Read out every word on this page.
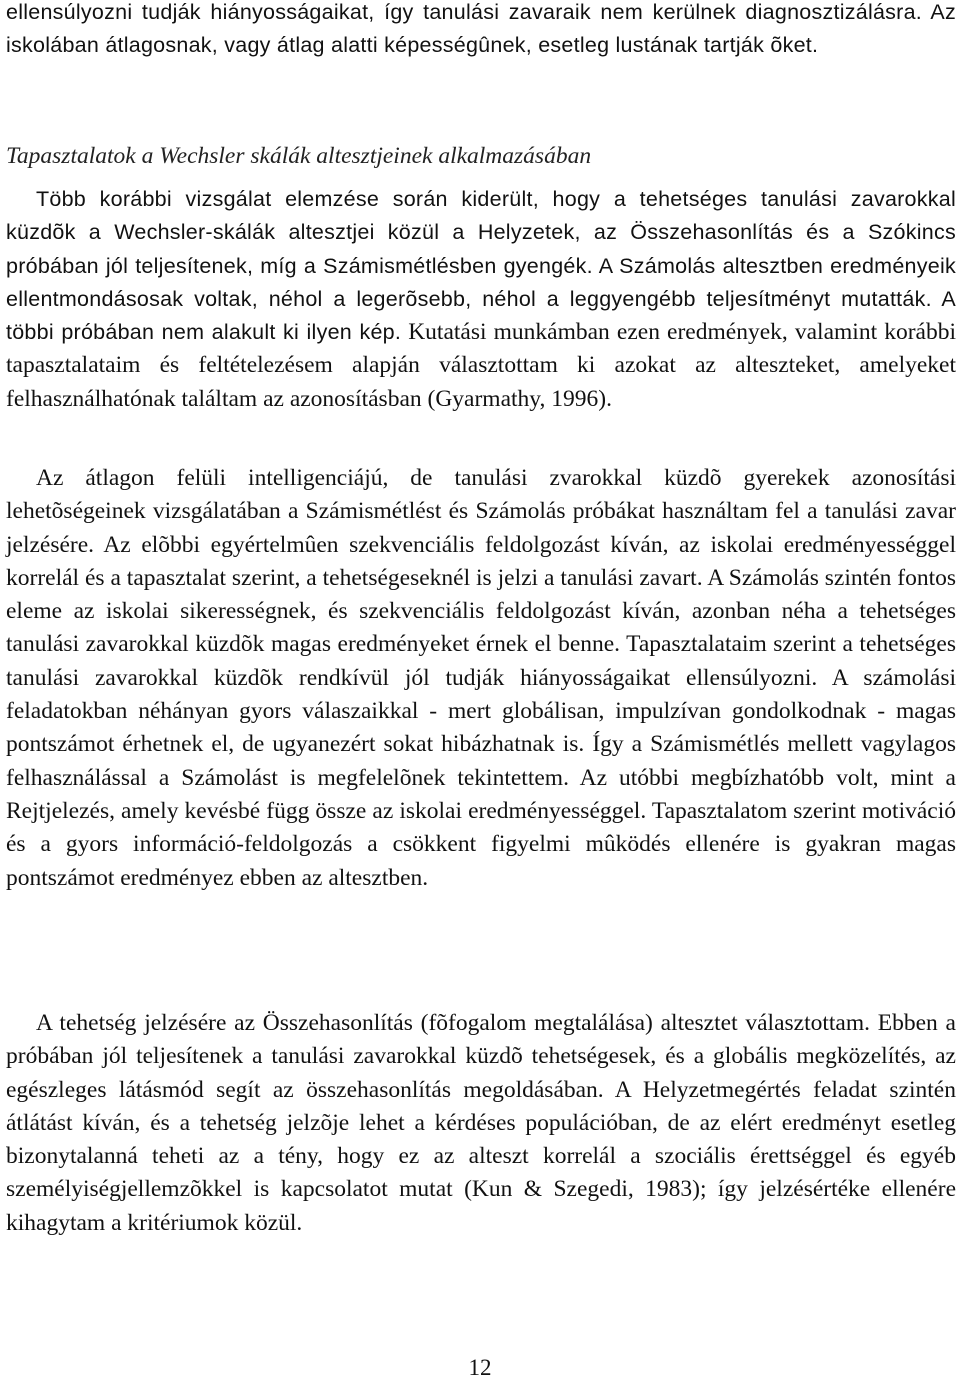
ellensúlyozni tudják hiányosságaikat, így tanulási zavaraik nem kerülnek diagnosztizálásra. Az iskolában átlagosnak, vagy átlag alatti képességûnek, esetleg lustának tartják õket.

Tapasztalatok a Wechsler skálák altesztjeinek alkalmazásában

Több korábbi vizsgálat elemzése során kiderült, hogy a tehetséges tanulási zavarokkal küzdõk a Wechsler-skálák altesztjei közül a Helyzetek, az Összehasonlítás és a Szókincs próbában jól teljesítenek, míg a Számismétlésben gyengék. A Számolás altesztben eredményeik ellentmondásosak voltak, néhol a legerõsebb, néhol a leggyengébb teljesítményt mutatták. A többi próbában nem alakult ki ilyen kép. Kutatási munkámban ezen eredmények, valamint korábbi tapasztalataim és feltételezésem alapján választottam ki azokat az alteszteket, amelyeket felhasználhatónak találtam az azonosításban (Gyarmathy, 1996).

Az átlagon felüli intelligenciájú, de tanulási zvarokkal küzdõ gyerekek azonosítási lehetõségeinek vizsgálatában a Számismétlést és Számolás próbákat használtam fel a tanulási zavar jelzésére. Az elõbbi egyértelmûen szekvenciális feldolgozást kíván, az iskolai eredményességgel korrelál és a tapasztalat szerint, a tehetségeseknél is jelzi a tanulási zavart. A Számolás szintén fontos eleme az iskolai sikerességnek, és szekvenciális feldolgozást kíván, azonban néha a tehetséges tanulási zavarokkal küzdõk magas eredményeket érnek el benne. Tapasztalataim szerint a tehetséges tanulási zavarokkal küzdõk rendkívül jól tudják hiányosságaikat ellensúlyozni. A számolási feladatokban néhányan gyors válaszaikkal - mert globálisan, impulzívan gondolkodnak - magas pontszámot érhetnek el, de ugyanezért sokat hibázhatnak is. Így a Számismétlés mellett vagylagos felhasználással a Számolást is megfelelõnek tekintettem. Az utóbbi megbízhatóbb volt, mint a Rejtjelezés, amely kevésbé függ össze az iskolai eredményességgel. Tapasztalatom szerint motiváció és a gyors információ-feldolgozás a csökkent figyelmi mûködés ellenére is gyakran magas pontszámot eredményez ebben az altesztben.

A tehetség jelzésére az Összehasonlítás (fõfogalom megtalálása) altesztet választottam. Ebben a próbában jól teljesítenek a tanulási zavarokkal küzdõ tehetségesek, és a globális megközelítés, az egészleges látásmód segít az összehasonlítás megoldásában. A Helyzetmegértés feladat szintén átlátást kíván, és a tehetség jelzõje lehet a kérdéses populációban, de az elért eredményt esetleg bizonytalanná teheti az a tény, hogy ez az alteszt korrelál a szociális érettséggel és egyéb személyiségjellemzõkkel is kapcsolatot mutat (Kun & Szegedi, 1983); így jelzésértéke ellenére kihagytam a kritériumok közül.

12
